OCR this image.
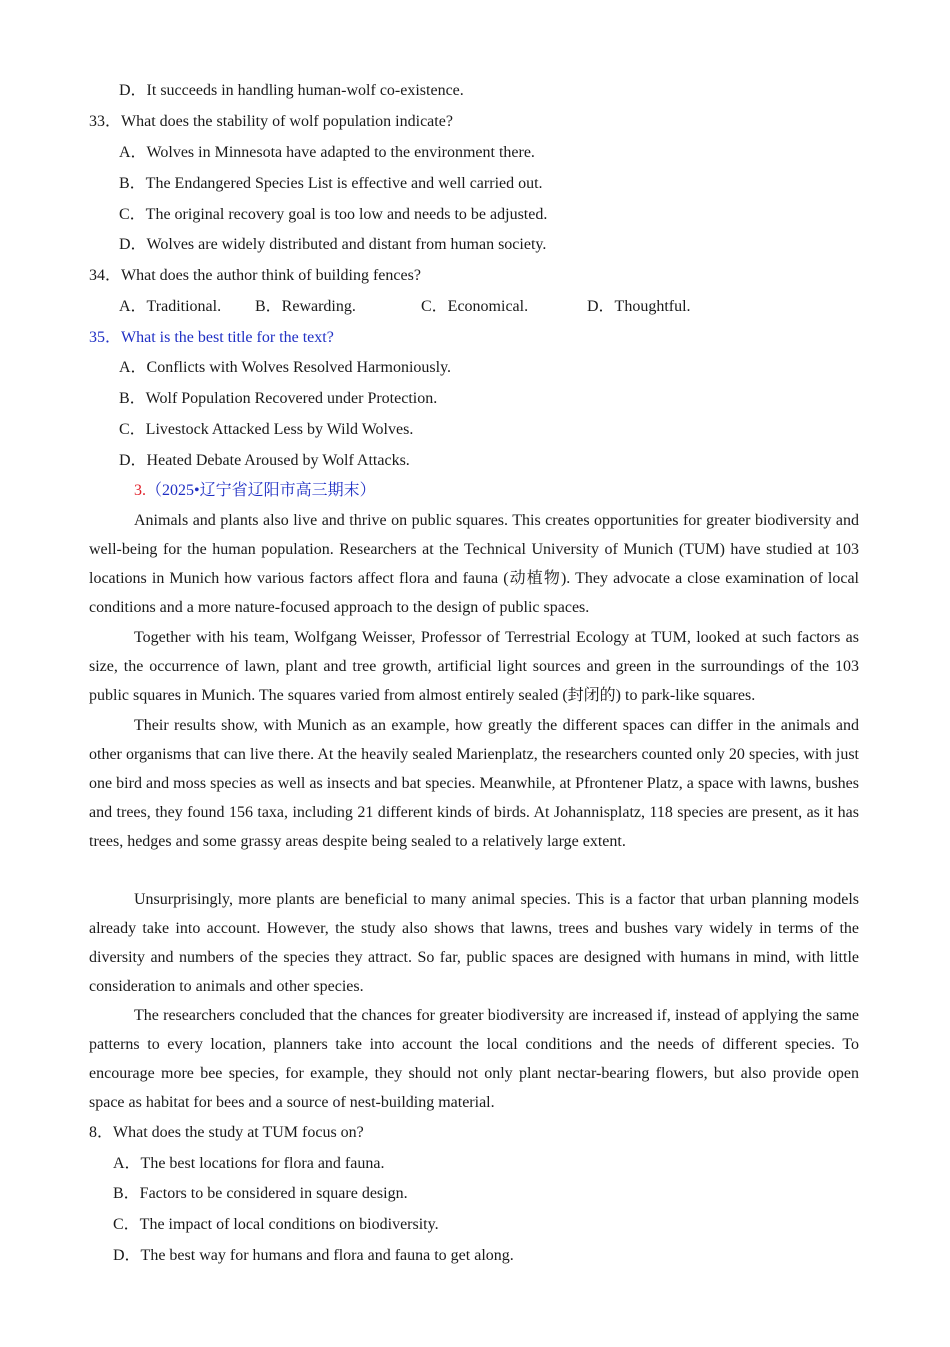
D．It succeeds in handling human-wolf co-existence.
33．What does the stability of wolf population indicate?
A．Wolves in Minnesota have adapted to the environment there.
B．The Endangered Species List is effective and well carried out.
C．The original recovery goal is too low and needs to be adjusted.
D．Wolves are widely distributed and distant from human society.
34．What does the author think of building fences?
A．Traditional. B．Rewarding.	C．Economical.	D．Thoughtful.
35．What is the best title for the text?
A．Conflicts with Wolves Resolved Harmoniously.
B．Wolf Population Recovered under Protection.
C．Livestock Attacked Less by Wild Wolves.
D．Heated Debate Aroused by Wolf Attacks.
3.（2025•辽宁省辽阳市高三期末）

Animals and plants also live and thrive on public squares. This creates opportunities for greater biodiversity and well-being for the human population. Researchers at the Technical University of Munich (TUM) have studied at 103 locations in Munich how various factors affect flora and fauna (动植物). They advocate a close examination of local conditions and a more nature-focused approach to the design of public spaces.

Together with his team, Wolfgang Weisser, Professor of Terrestrial Ecology at TUM, looked at such factors as size, the occurrence of lawn, plant and tree growth, artificial light sources and green in the surroundings of the 103 public squares in Munich. The squares varied from almost entirely sealed (封闭的) to park-like squares.

Their results show, with Munich as an example, how greatly the different spaces can differ in the animals and other organisms that can live there. At the heavily sealed Marienplatz, the researchers counted only 20 species, with just one bird and moss species as well as insects and bat species. Meanwhile, at Pfrontener Platz, a space with lawns, bushes and trees, they found 156 taxa, including 21 different kinds of birds. At Johannisplatz, 118 species are present, as it has trees, hedges and some grassy areas despite being sealed to a relatively large extent.

Unsurprisingly, more plants are beneficial to many animal species. This is a factor that urban planning models already take into account. However, the study also shows that lawns, trees and bushes vary widely in terms of the diversity and numbers of the species they attract. So far, public spaces are designed with humans in mind, with little consideration to animals and other species.

The researchers concluded that the chances for greater biodiversity are increased if, instead of applying the same patterns to every location, planners take into account the local conditions and the needs of different species. To encourage more bee species, for example, they should not only plant nectar-bearing flowers, but also provide open space as habitat for bees and a source of nest-building material.

8．What does the study at TUM focus on?
A．The best locations for flora and fauna.
B．Factors to be considered in square design.
C．The impact of local conditions on biodiversity.
D．The best way for humans and flora and fauna to get along.
